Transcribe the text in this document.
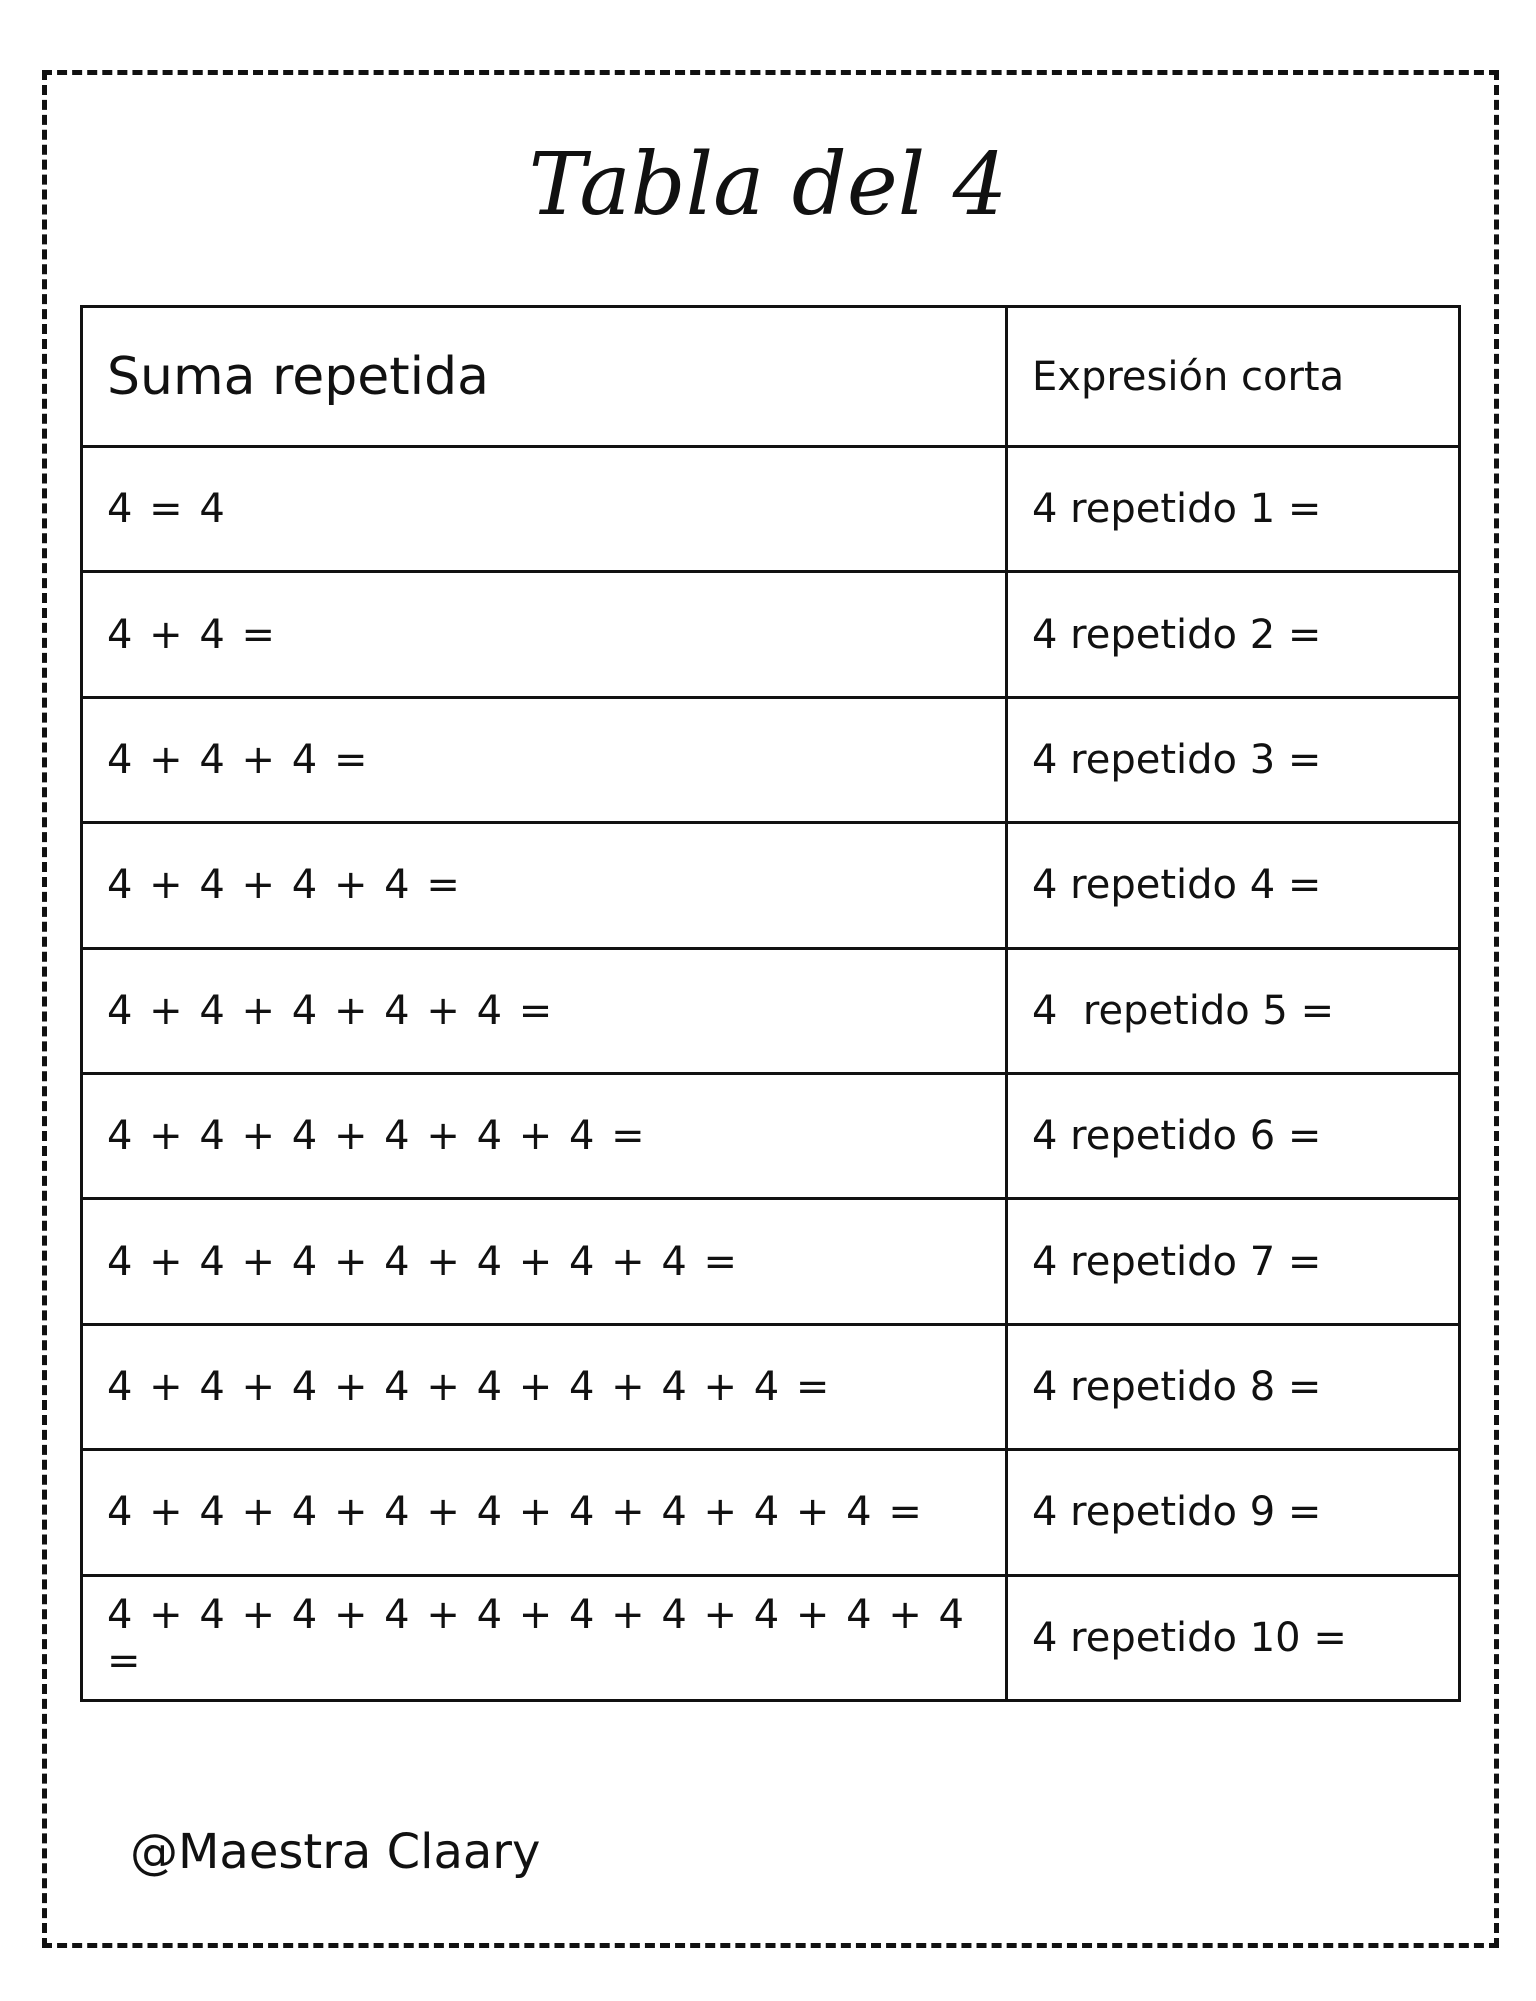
Tabla del 4
Suma repetida	Expresión corta
4 = 4	4 repetido 1 =
4 + 4 =	4 repetido 2 =
4 + 4 + 4 =	4 repetido 3 =
4 + 4 + 4 + 4 =	4 repetido 4 =
4 + 4 + 4 + 4 + 4 =	4  repetido 5 =
4 + 4 + 4 + 4 + 4 + 4 =	4 repetido 6 =
4 + 4 + 4 + 4 + 4 + 4 + 4 =	4 repetido 7 =
4 + 4 + 4 + 4 + 4 + 4 + 4 + 4 =	4 repetido 8 =
4 + 4 + 4 + 4 + 4 + 4 + 4 + 4 + 4 =	4 repetido 9 =
4 + 4 + 4 + 4 + 4 + 4 + 4 + 4 + 4 + 4 =	4 repetido 10 =
@Maestra Claary
